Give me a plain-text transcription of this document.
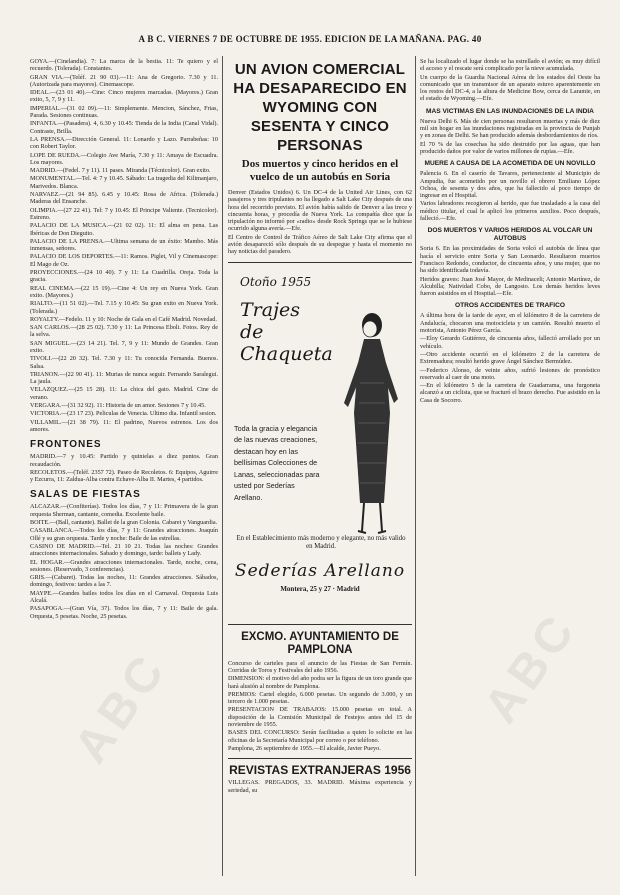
A B C. VIERNES 7 DE OCTUBRE DE 1955. EDICION DE LA MAÑANA. PAG. 40

GOYA.—(Cinelandia). 7: La marca de la bestia. 11: Te quiero y el recuerdo. (Tolerada). Constantes.

GRAN VIA.—(Teléf. 21 90 03).—11: Ana de Gregorio. 7.30 y 11. (Autorizada para mayores). Cinemascope.

IDEAL.—(23 01 40).—Cine: Cinco mujeres marcadas. (Mayores.) Gran exito, 5, 7, 9 y 11.

IMPERIAL.—(31 02 09).—11: Simplemente. Mencion, Sánchez, Frias, Parada. Sesiones continuas.

INFANTA.—(Pasadera). 4, 6.30 y 10.45: Tienda de la India (Canal Vidal). Contraste, Brilla.

LA PRENSA.—Dirección General. 11: Lonardo y Lazo. Parrabeñas: 10 con Robert Taylor.

LOPE DE RUEDA.—Colegio Ave María, 7.30 y 11: Amaya de Escuadra. Los mayores.

MADRID.—(Fedel. 7 y 11). 11 pases. Miranda (Técnicolor). Gran exito.

MONUMENTAL.—Tel. 4: 7 y 10.45. Sábado: La tragedia del Kilimanjaro, Marivedos. Blanca.

NARVAEZ.—(21 94 85). 6.45 y 10.45: Rosa de Africa. (Tolerada.) Maderas del Ensanche.

OLIMPIA.—(27 22 41). Tel: 7 y 10.45: El Principe Valiente. (Tecnicolor). Estreno.

PALACIO DE LA MUSICA.—(21 02 02). 11: El alma en pena. Las Ibéricas de Don Dieguito.

PALACIO DE LA PRENSA.—Ultima semana de un éxito: Mambo. Más inmensas, señores.

PALACIO DE LOS DEPORTES.—11: Ramos. Piglet, Vil y Cinemascope: El Mago de Oz.

PROYECCIONES.—(24 10 40). 7 y 11: La Cuadrilla. Oreja. Toda la gracia.

REAL CINEMA.—(22 15 19).—Cine 4: Un rey en Nueva York. Gran exito. (Mayores.)

RIALTO.—(11 51 02).—Tel. 7.15 y 10.45: Su gran exito en Nueva York. (Tolerada.)

ROYALTY.—Fedelo. 11 y 10: Noche de Gala en el Café Madrid. Novedad.

SAN CARLOS.—(28 25 02). 7.30 y 11: La Princesa Eboli. Fotos. Rey de la selva.

SAN MIGUEL.—(23 14 21). Tel. 7, 9 y 11: Mundo de Grandes. Gran exito.

TIVOLI.—(22 20 32). Tel. 7.30 y 11: Tu conocida Fernanda. Buenos. Salsa.

TRIANON.—(22 90 41). 11: Murias de nunca seguir. Fernando Saralegui. La jaula.

VELAZQUEZ.—(25 15 28). 11: La chica del gato. Madrid. Cine de verano.

VERGARA.—(31 32 92). 11: Historia de un amor. Sesiones 7 y 10.45.

VICTORIA.—(23 17 23). Peliculas de Venecia. Ultimo dia. Infantil sesion.

VILLAMIL.—(21 38 79). 11: El padrino, Nuevos estrenos. Los dos amores.

FRONTONES

MADRID.—7 y 10.45: Partido y quinielas a diez puntos. Gran recaudación.

RECOLETOS.—(Teléf. 2357 72). Paseo de Recoletos. 6: Equipos, Aguirre y Ezcurra, 11: Zaldua-Alba contra Echave-Alba II. Martes, 4 partidos.

SALAS DE FIESTAS

ALCAZAR.—(Confiterías). Todos los días, 7 y 11: Primavera de la gran orquesta Sherman, cantante, comedia. Excelente baile.

BOITE.—(Ball, cantante). Ballet de la gran Colonia. Cabaret y Vanguardia.

CASABLANCA.—Todos los días, 7 y 11: Grandes atracciones. Joaquín Ollé y su gran orquesta. Tarde y noche: Baile de las estrellas.

CASINO DE MADRID.—Tel. 21 10 21. Todas las noches: Grandes atracciones internacionales. Sabado y domingo, tarde: ballets y Lady.

EL HOGAR.—Grandes atracciones internacionales. Tarde, noche, cena, sesiones. (Reservado, 3 conferencias).

GRIS.—(Cabaret). Todas las noches, 11: Grandes atracciones. Sábados, domingo, festivos: tardes a las 7.

MAYPE.—Grandes bailes todos los días en el Carnaval. Orquesta Luis Alcalá.

PASAPOGA.—(Gran Vía, 37). Todos los días, 7 y 11: Baile de gala. Orquesta, 5 pesetas. Noche, 25 pesetas.

UN AVION COMERCIAL HA DESAPARECIDO EN WYOMING CON SESENTA Y CINCO PERSONAS
Dos muertos y cinco heridos en el vuelco de un autobús en Soria

Denver (Estados Unidos) 6. Un DC-4 de la United Air Lines, con 62 pasajeros y tres tripulantes no ha llegado a Salt Lake City después de una hora del recorrido previsto. El avión había salido de Denver a las trece y cincuenta horas, y procedía de Nueva York. La compañía dice que la tripulación no informó por «radio» desde Rock Springs que se le hubiese ocurrido alguna avería.—Efe.

El Centro de Control de Tráfico Aéreo de Salt Lake City afirma que el avión desapareció sólo después de su despegue y hasta el momento no hay noticias del paradero.

Otoño 1955
Trajes de Chaqueta
Toda la gracia y elegancia de las nuevas creaciones, destacan hoy en las bellísimas Colecciones de Lanas, seleccionadas para usted por Sederías Arellano.
En el Establecimiento más moderno y elegante, no más valido en Madrid.
Sederías Arellano
Montera, 25 y 27 · Madrid
EXCMO. AYUNTAMIENTO DE PAMPLONA

Concurso de carteles para el anuncio de las Fiestas de San Fermín. Corridas de Toros y Festivales del año 1956.

DIMENSION: el motivo del año podra ser la figura de un toro grande que hará alusión al nombre de Pamplona.

PREMIOS: Cartel elegido, 6.000 pesetas. Un segundo de 3.000, y un tercero de 1.000 pesetas.

PRESENTACION DE TRABAJOS: 15.000 pesetas en total. A disposición de la Comisión Municipal de Festejos antes del 15 de noviembre de 1955.

BASES DEL CONCURSO: Serán facilitadas a quien lo solicite en las oficinas de la Secretaría Municipal por correo o por teléfono.

Pamplona, 26 septiembre de 1955.—El alcalde, Javier Pueyo.

REVISTAS EXTRANJERAS 1956

VILLEGAS. PREGADOS, 33. MADRID. Máxima experiencia y seriedad, su

Se ha localizado el lugar donde se ha estrellado el avión; es muy difícil el acceso y el rescate será complicado por la nieve acumulada.

Un cuerpo de la Guardia Nacional Aérea de los estados del Oeste ha comunicado que un transmisor de un aparato estuvo aparentemente en los restos del DC-4, a la altura de Medicine Bow, cerca de Laramie, en el estado de Wyoming.—Efe.

MAS VICTIMAS EN LAS INUNDACIONES DE LA INDIA

Nueva Delhi 6. Más de cien personas resultaron muertas y más de diez mil sin hogar en las inundaciones registradas en la provincia de Punjab y en zonas de Delhi. Se han producido además desbordamientos de ríos.

El 70 % de las cosechas ha sido destruido por las aguas, que han producido daños por valor de varios millones de rupias.—Efe.

MUERE A CAUSA DE LA ACOMETIDA DE UN NOVILLO

Palencia 6. En el caserío de Tavares, perteneciente al Municipio de Ampudia, fue acometido por un novillo el obrero Emiliano López Ochoa, de sesenta y dos años, que ha fallecido al poco tiempo de ingresar en el Hospital.

Varios labradores recogieron al herido, que fue trasladado a la casa del médico titular, el cual le aplicó los primeros auxilios. Poco después, falleció.—Efe.

DOS MUERTOS Y VARIOS HERIDOS AL VOLCAR UN AUTOBUS

Soria 6. En las proximidades de Soria volcó el autobús de línea que hacía el servicio entre Soria y San Leonardo. Resultaron muertos Francisco Redondo, conductor, de cincuenta años, y una mujer, que no ha sido identificada todavía.

Heridos graves: Juan José Mayor, de Medinaceli; Antonio Martínez, de Alcubilla; Natividad Cobo, de Langosto. Los demás heridos leves fueron asistidos en el Hospital.—Efe.

OTROS ACCIDENTES DE TRAFICO

A última hora de la tarde de ayer, en el kilómetro 8 de la carretera de Andalucía, chocaron una motocicleta y un camión. Resultó muerto el motorista, Antonio Pérez García.

—Eloy Gerardo Gutiérrez, de cincuenta años, falleció arrollado por un vehículo.

—Otro accidente ocurrió en el kilómetro 2 de la carretera de Extremadura; resultó herido grave Ángel Sánchez Bermúdez.

—Federico Alonso, de veinte años, sufrió lesiones de pronóstico reservado al caer de una moto.

—En el kilómetro 5 de la carretera de Guadarrama, una furgoneta alcanzó a un ciclista, que se fracturó el brazo derecho. Fue asistido en la Casa de Socorro.

ABC	ABC
